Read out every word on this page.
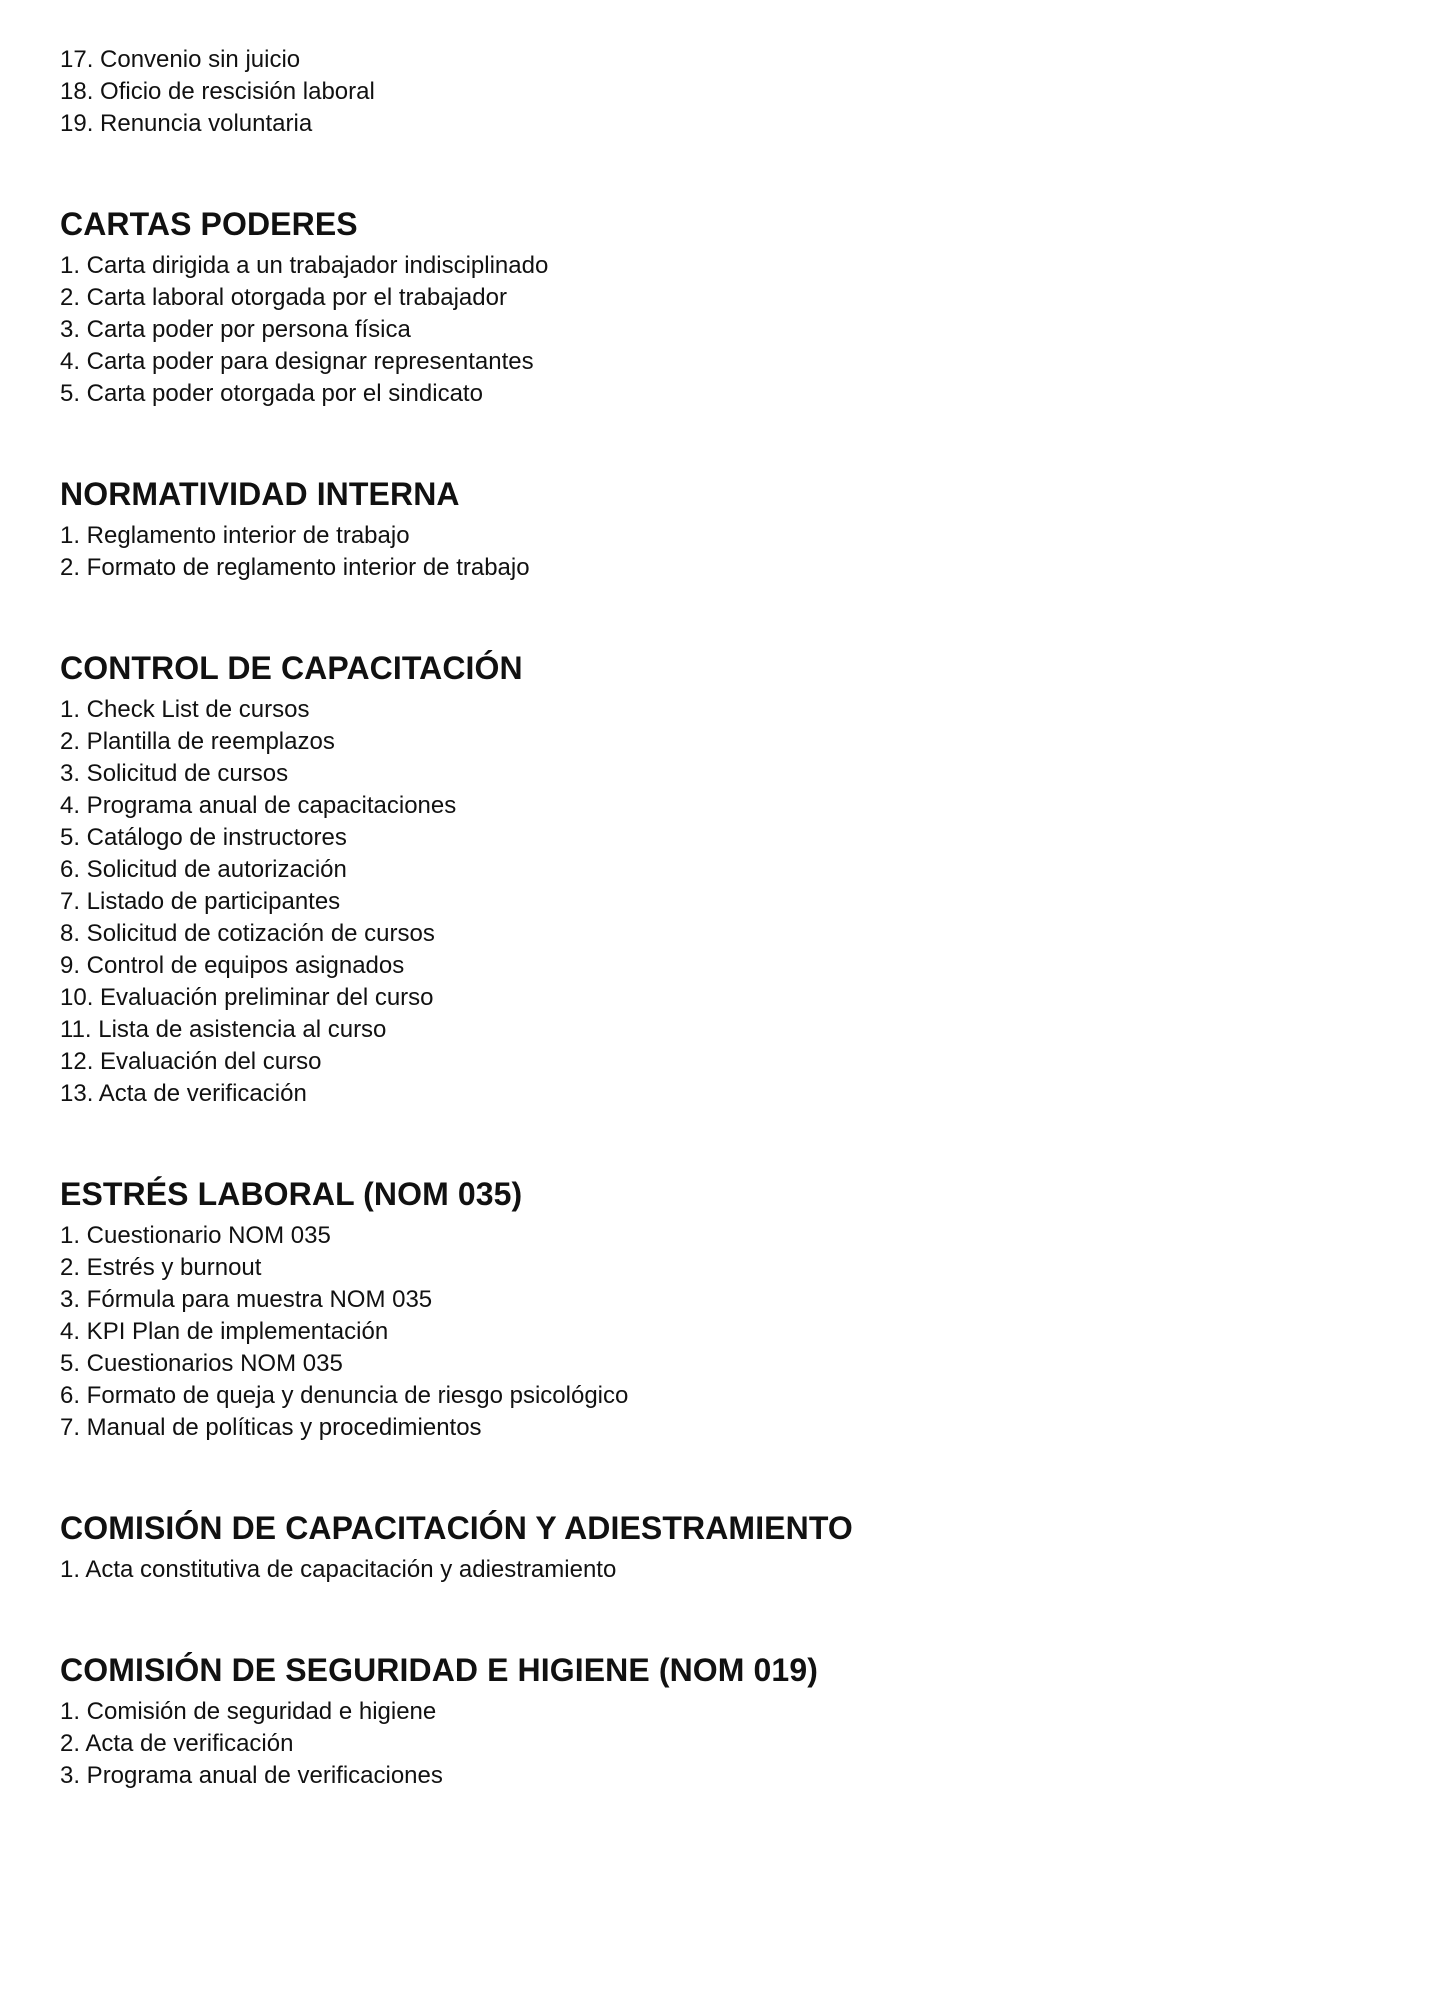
17. Convenio sin juicio
18. Oficio de rescisión laboral
19. Renuncia voluntaria
CARTAS PODERES
1. Carta dirigida a un trabajador indisciplinado
2. Carta laboral otorgada por el trabajador
3. Carta poder por persona física
4. Carta poder para designar representantes
5. Carta poder otorgada por el sindicato
NORMATIVIDAD INTERNA
1. Reglamento interior de trabajo
2. Formato de reglamento interior de trabajo
CONTROL DE CAPACITACIÓN
1. Check List de cursos
2. Plantilla de reemplazos
3. Solicitud de cursos
4. Programa anual de capacitaciones
5. Catálogo de instructores
6. Solicitud de autorización
7. Listado de participantes
8. Solicitud de cotización de cursos
9. Control de equipos asignados
10. Evaluación preliminar del curso
11. Lista de asistencia al curso
12. Evaluación del curso
13. Acta de verificación
ESTRÉS LABORAL (NOM 035)
1. Cuestionario NOM 035
2. Estrés y burnout
3. Fórmula para muestra NOM 035
4. KPI Plan de implementación
5. Cuestionarios NOM 035
6. Formato de queja y denuncia de riesgo psicológico
7. Manual de políticas y procedimientos
COMISIÓN DE CAPACITACIÓN Y ADIESTRAMIENTO
1. Acta constitutiva de capacitación y adiestramiento
COMISIÓN DE SEGURIDAD E HIGIENE (NOM 019)
1. Comisión de seguridad e higiene
2. Acta de verificación
3. Programa anual de verificaciones
